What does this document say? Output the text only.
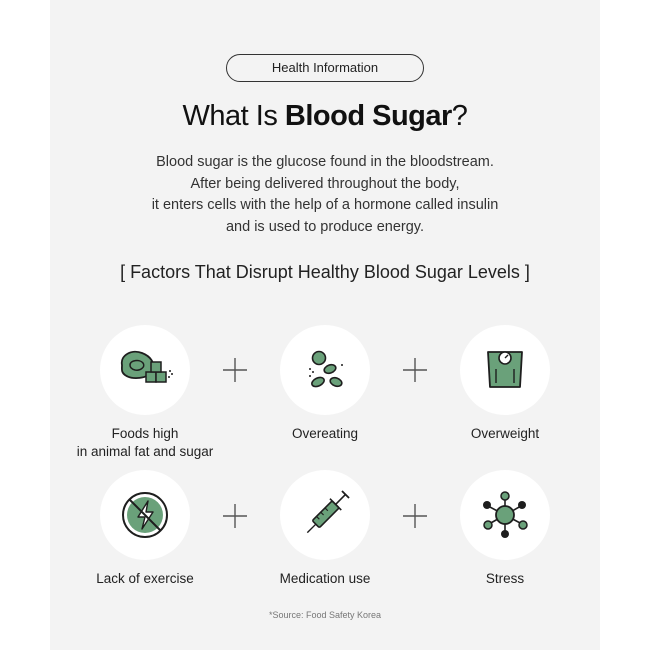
Health Information
What Is Blood Sugar?
Blood sugar is the glucose found in the bloodstream.
After being delivered throughout the body,
it enters cells with the help of a hormone called insulin
and is used to produce energy.
[ Factors That Disrupt Healthy Blood Sugar Levels ]
Foods high
in animal fat and sugar
Overeating	Overweight
Lack of exercise	Medication use	Stress
*Source: Food Safety Korea
